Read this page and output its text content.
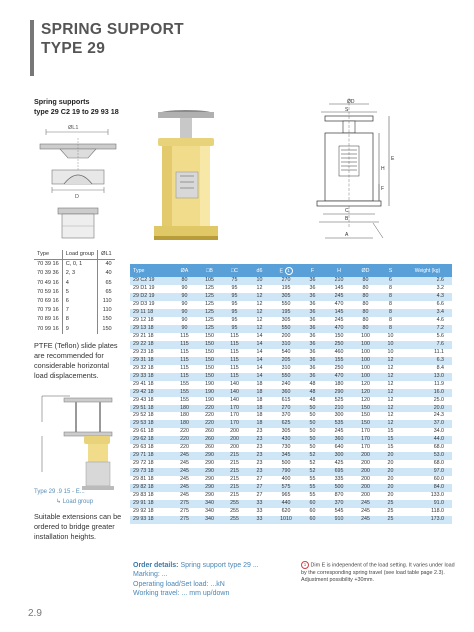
SPRING SUPPORT
TYPE 29
Spring supports
type 29 C2 19 to 29 93 18
ØL1
D
ØD
S
E
H
F
C
B
A
Type	Load group	ØL1
70 39 16	C, 0, 1	40
70 39 36	2, 3	40
70 49 16	4	65
70 59 16	5	65
70 69 16	6	110
70 79 16	7	110
70 89 16	8	150
70 99 16	9	150
PTFE (Teflon) slide plates are recommended for considerable horizontal load displacements.
Type 29 .9 15 - E...
↳ Load group
Suitable extensions can be ordered to bridge greater installation heights.
Type	ØA	□B	□C	d6	E 1	F	H	ØD	S	Weight (kg)
29 C2 19	80	105	75	10	270	36	210	80	6	2.6
29 D1 19	90	125	95	12	195	36	145	80	8	3.2
29 D2 19	90	125	95	12	305	36	245	80	8	4.3
29 D3 19	90	125	95	12	550	36	470	80	8	6.6
29 11 18	90	125	95	12	195	36	145	80	8	3.4
29 12 18	90	125	95	12	305	36	245	80	8	4.6
29 13 18	90	125	95	12	550	36	470	80	8	7.2
29 21 18	115	150	115	14	200	36	150	100	10	5.6
29 22 18	115	150	115	14	310	36	250	100	10	7.6
29 23 18	115	150	115	14	540	36	460	100	10	11.1
29 31 18	115	150	115	14	205	36	155	100	12	6.3
29 32 18	115	150	115	14	310	36	250	100	12	8.4
29 33 18	115	150	115	14	550	36	470	100	12	13.0
29 41 18	155	190	140	18	240	48	180	120	12	11.9
29 42 18	155	190	140	18	360	48	290	120	12	16.0
29 43 18	155	190	140	18	615	48	525	120	12	25.0
29 51 18	180	220	170	18	270	50	210	150	12	20.0
29 52 18	180	220	170	18	370	50	300	150	12	24.3
29 53 18	180	220	170	18	625	50	535	150	12	37.0
29 61 18	220	260	200	23	305	50	245	170	15	34.0
29 62 18	220	260	200	23	430	50	360	170	15	44.0
29 63 18	220	260	200	23	730	50	640	170	15	68.0
29 71 18	245	290	215	23	345	52	300	200	20	53.0
29 72 18	245	290	215	23	500	52	425	200	20	68.0
29 73 18	245	290	215	23	790	52	695	200	20	97.0
29 81 18	245	290	215	27	400	55	335	200	20	60.0
29 82 18	245	290	215	27	575	55	500	200	20	84.0
29 83 18	245	290	215	27	965	55	870	200	20	133.0
29 91 18	275	340	255	33	440	60	370	245	25	91.0
29 92 18	275	340	255	33	620	60	545	245	25	118.0
29 93 18	275	340	255	33	1010	60	910	245	25	173.0
Order details: Spring support type 29 ...
Marking: ...
Operating load/Set load: ...kN
Working travel: ... mm up/down
1 Dim E is independent of the load setting. It varies under load by the corresponding spring travel (see load table page 2.3). Adjustment possibility +30mm.
2.9
